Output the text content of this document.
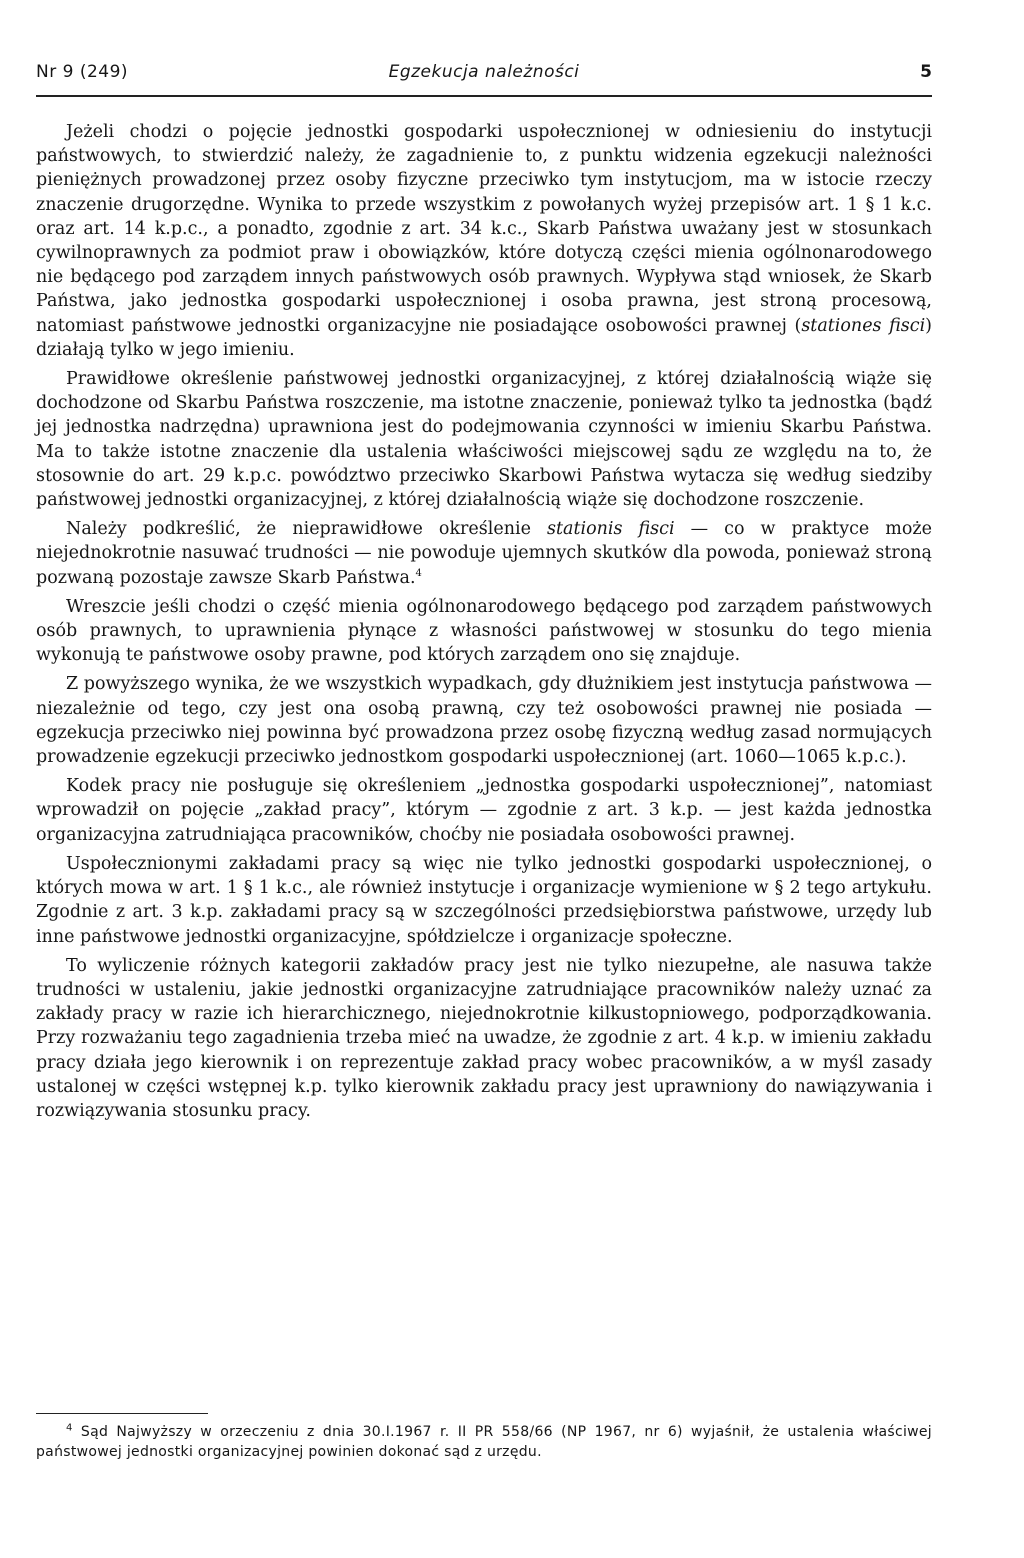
Nr 9 (249)	Egzekucja należności	5

Jeżeli chodzi o pojęcie jednostki gospodarki uspołecznionej w odniesieniu do instytucji państwowych, to stwierdzić należy, że zagadnienie to, z punktu widzenia egzekucji należności pieniężnych prowadzonej przez osoby fizyczne przeciwko tym instytucjom, ma w istocie rzeczy znaczenie drugorzędne. Wynika to przede wszystkim z powołanych wyżej przepisów art. 1 § 1 k.c. oraz art. 14 k.p.c., a ponadto, zgodnie z art. 34 k.c., Skarb Państwa uważany jest w stosunkach cywilnoprawnych za podmiot praw i obowiązków, które dotyczą części mienia ogólnonarodowego nie będącego pod zarządem innych państwowych osób prawnych. Wypływa stąd wniosek, że Skarb Państwa, jako jednostka gospodarki uspołecznionej i osoba prawna, jest stroną procesową, natomiast państwowe jednostki organizacyjne nie posiadające osobowości prawnej (stationes fisci) działają tylko w jego imieniu.

Prawidłowe określenie państwowej jednostki organizacyjnej, z której działalnością wiąże się dochodzone od Skarbu Państwa roszczenie, ma istotne znaczenie, ponieważ tylko ta jednostka (bądź jej jednostka nadrzędna) uprawniona jest do podejmowania czynności w imieniu Skarbu Państwa. Ma to także istotne znaczenie dla ustalenia właściwości miejscowej sądu ze względu na to, że stosownie do art. 29 k.p.c. powództwo przeciwko Skarbowi Państwa wytacza się według siedziby państwowej jednostki organizacyjnej, z której działalnością wiąże się dochodzone roszczenie.

Należy podkreślić, że nieprawidłowe określenie stationis fisci — co w praktyce może niejednokrotnie nasuwać trudności — nie powoduje ujemnych skutków dla powoda, ponieważ stroną pozwaną pozostaje zawsze Skarb Państwa.$^4$

Wreszcie jeśli chodzi o część mienia ogólnonarodowego będącego pod zarządem państwowych osób prawnych, to uprawnienia płynące z własności państwowej w stosunku do tego mienia wykonują te państwowe osoby prawne, pod których zarządem ono się znajduje.

Z powyższego wynika, że we wszystkich wypadkach, gdy dłużnikiem jest instytucja państwowa — niezależnie od tego, czy jest ona osobą prawną, czy też osobowości prawnej nie posiada — egzekucja przeciwko niej powinna być prowadzona przez osobę fizyczną według zasad normujących prowadzenie egzekucji przeciwko jednostkom gospodarki uspołecznionej (art. 1060—1065 k.p.c.).

Kodek pracy nie posługuje się określeniem „jednostka gospodarki uspołecznionej”, natomiast wprowadził on pojęcie „zakład pracy”, którym — zgodnie z art. 3 k.p. — jest każda jednostka organizacyjna zatrudniająca pracowników, choćby nie posiadała osobowości prawnej.

Uspołecznionymi zakładami pracy są więc nie tylko jednostki gospodarki uspołecznionej, o których mowa w art. 1 § 1 k.c., ale również instytucje i organizacje wymienione w § 2 tego artykułu. Zgodnie z art. 3 k.p. zakładami pracy są w szczególności przedsiębiorstwa państwowe, urzędy lub inne państwowe jednostki organizacyjne, spółdzielcze i organizacje społeczne.

To wyliczenie różnych kategorii zakładów pracy jest nie tylko niezupełne, ale nasuwa także trudności w ustaleniu, jakie jednostki organizacyjne zatrudniające pracowników należy uznać za zakłady pracy w razie ich hierarchicznego, niejednokrotnie kilkustopniowego, podporządkowania. Przy rozważaniu tego zagadnienia trzeba mieć na uwadze, że zgodnie z art. 4 k.p. w imieniu zakładu pracy działa jego kierownik i on reprezentuje zakład pracy wobec pracowników, a w myśl zasady ustalonej w części wstępnej k.p. tylko kierownik zakładu pracy jest uprawniony do nawiązywania i rozwiązywania stosunku pracy.

$^4$ Sąd Najwyższy w orzeczeniu z dnia 30.I.1967 r. II PR 558/66 (NP 1967, nr 6) wyjaśnił, że ustalenia właściwej państwowej jednostki organizacyjnej powinien dokonać sąd z urzędu.
